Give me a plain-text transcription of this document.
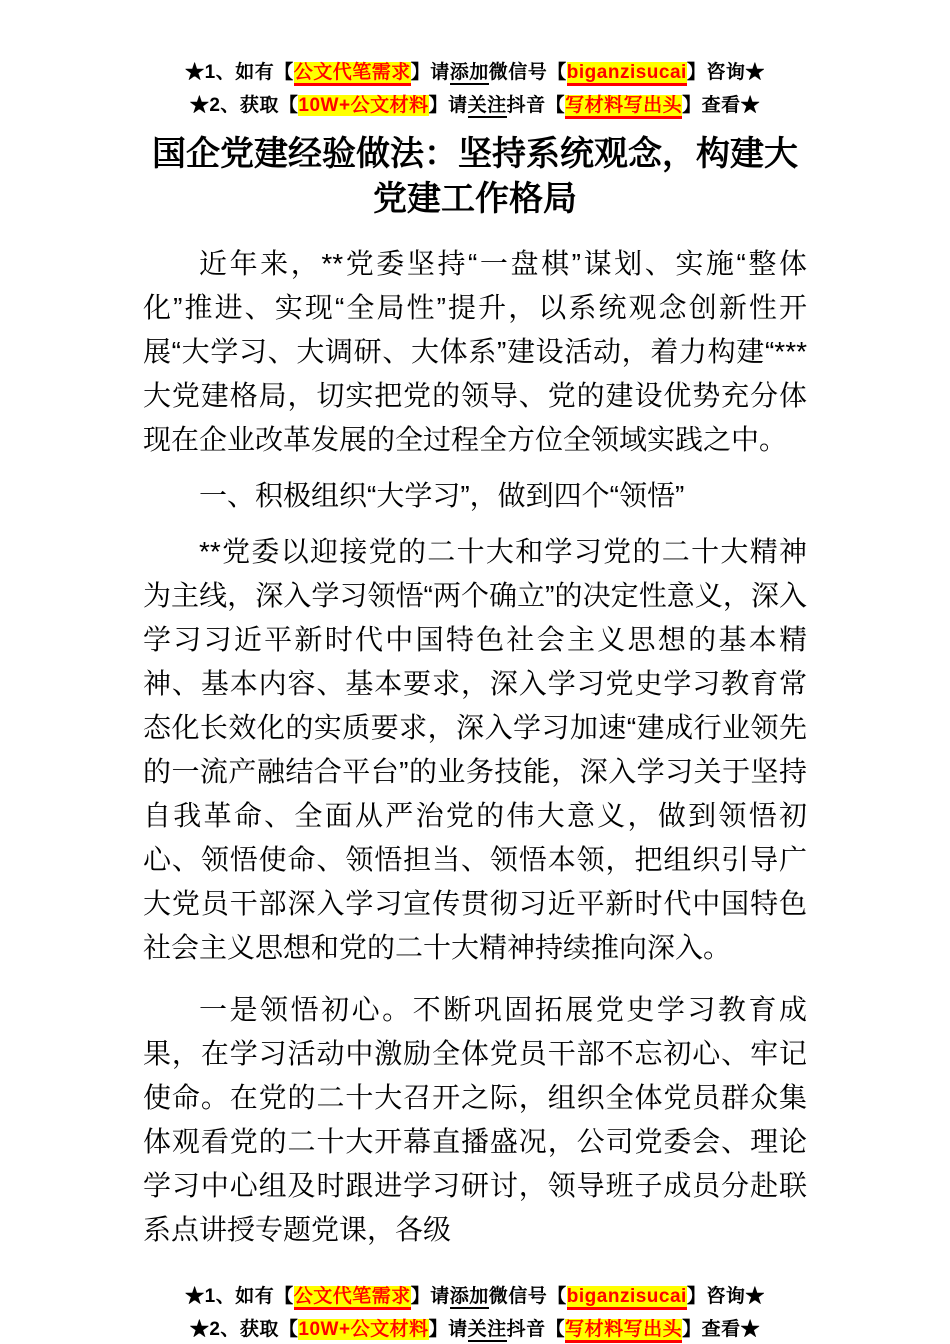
★1、如有【公文代笔需求】请添加微信号【biganzisucai】咨询★
★2、获取【10W+公文材料】请关注抖音【写材料写出头】查看★
国企党建经验做法：坚持系统观念，构建大党建工作格局

近年来，**党委坚持“一盘棋”谋划、实施“整体化”推进、实现“全局性”提升，以系统观念创新性开展“大学习、大调研、大体系”建设活动，着力构建“***大党建格局，切实把党的领导、党的建设优势充分体现在企业改革发展的全过程全方位全领域实践之中。

一、积极组织“大学习”，做到四个“领悟”

**党委以迎接党的二十大和学习党的二十大精神为主线，深入学习领悟“两个确立”的决定性意义，深入学习习近平新时代中国特色社会主义思想的基本精神、基本内容、基本要求，深入学习党史学习教育常态化长效化的实质要求，深入学习加速“建成行业领先的一流产融结合平台”的业务技能，深入学习关于坚持自我革命、全面从严治党的伟大意义，做到领悟初心、领悟使命、领悟担当、领悟本领，把组织引导广大党员干部深入学习宣传贯彻习近平新时代中国特色社会主义思想和党的二十大精神持续推向深入。

一是领悟初心。不断巩固拓展党史学习教育成果，在学习活动中激励全体党员干部不忘初心、牢记使命。在党的二十大召开之际，组织全体党员群众集体观看党的二十大开幕直播盛况，公司党委会、理论学习中心组及时跟进学习研讨，领导班子成员分赴联系点讲授专题党课，各级

★1、如有【公文代笔需求】请添加微信号【biganzisucai】咨询★
★2、获取【10W+公文材料】请关注抖音【写材料写出头】查看★
